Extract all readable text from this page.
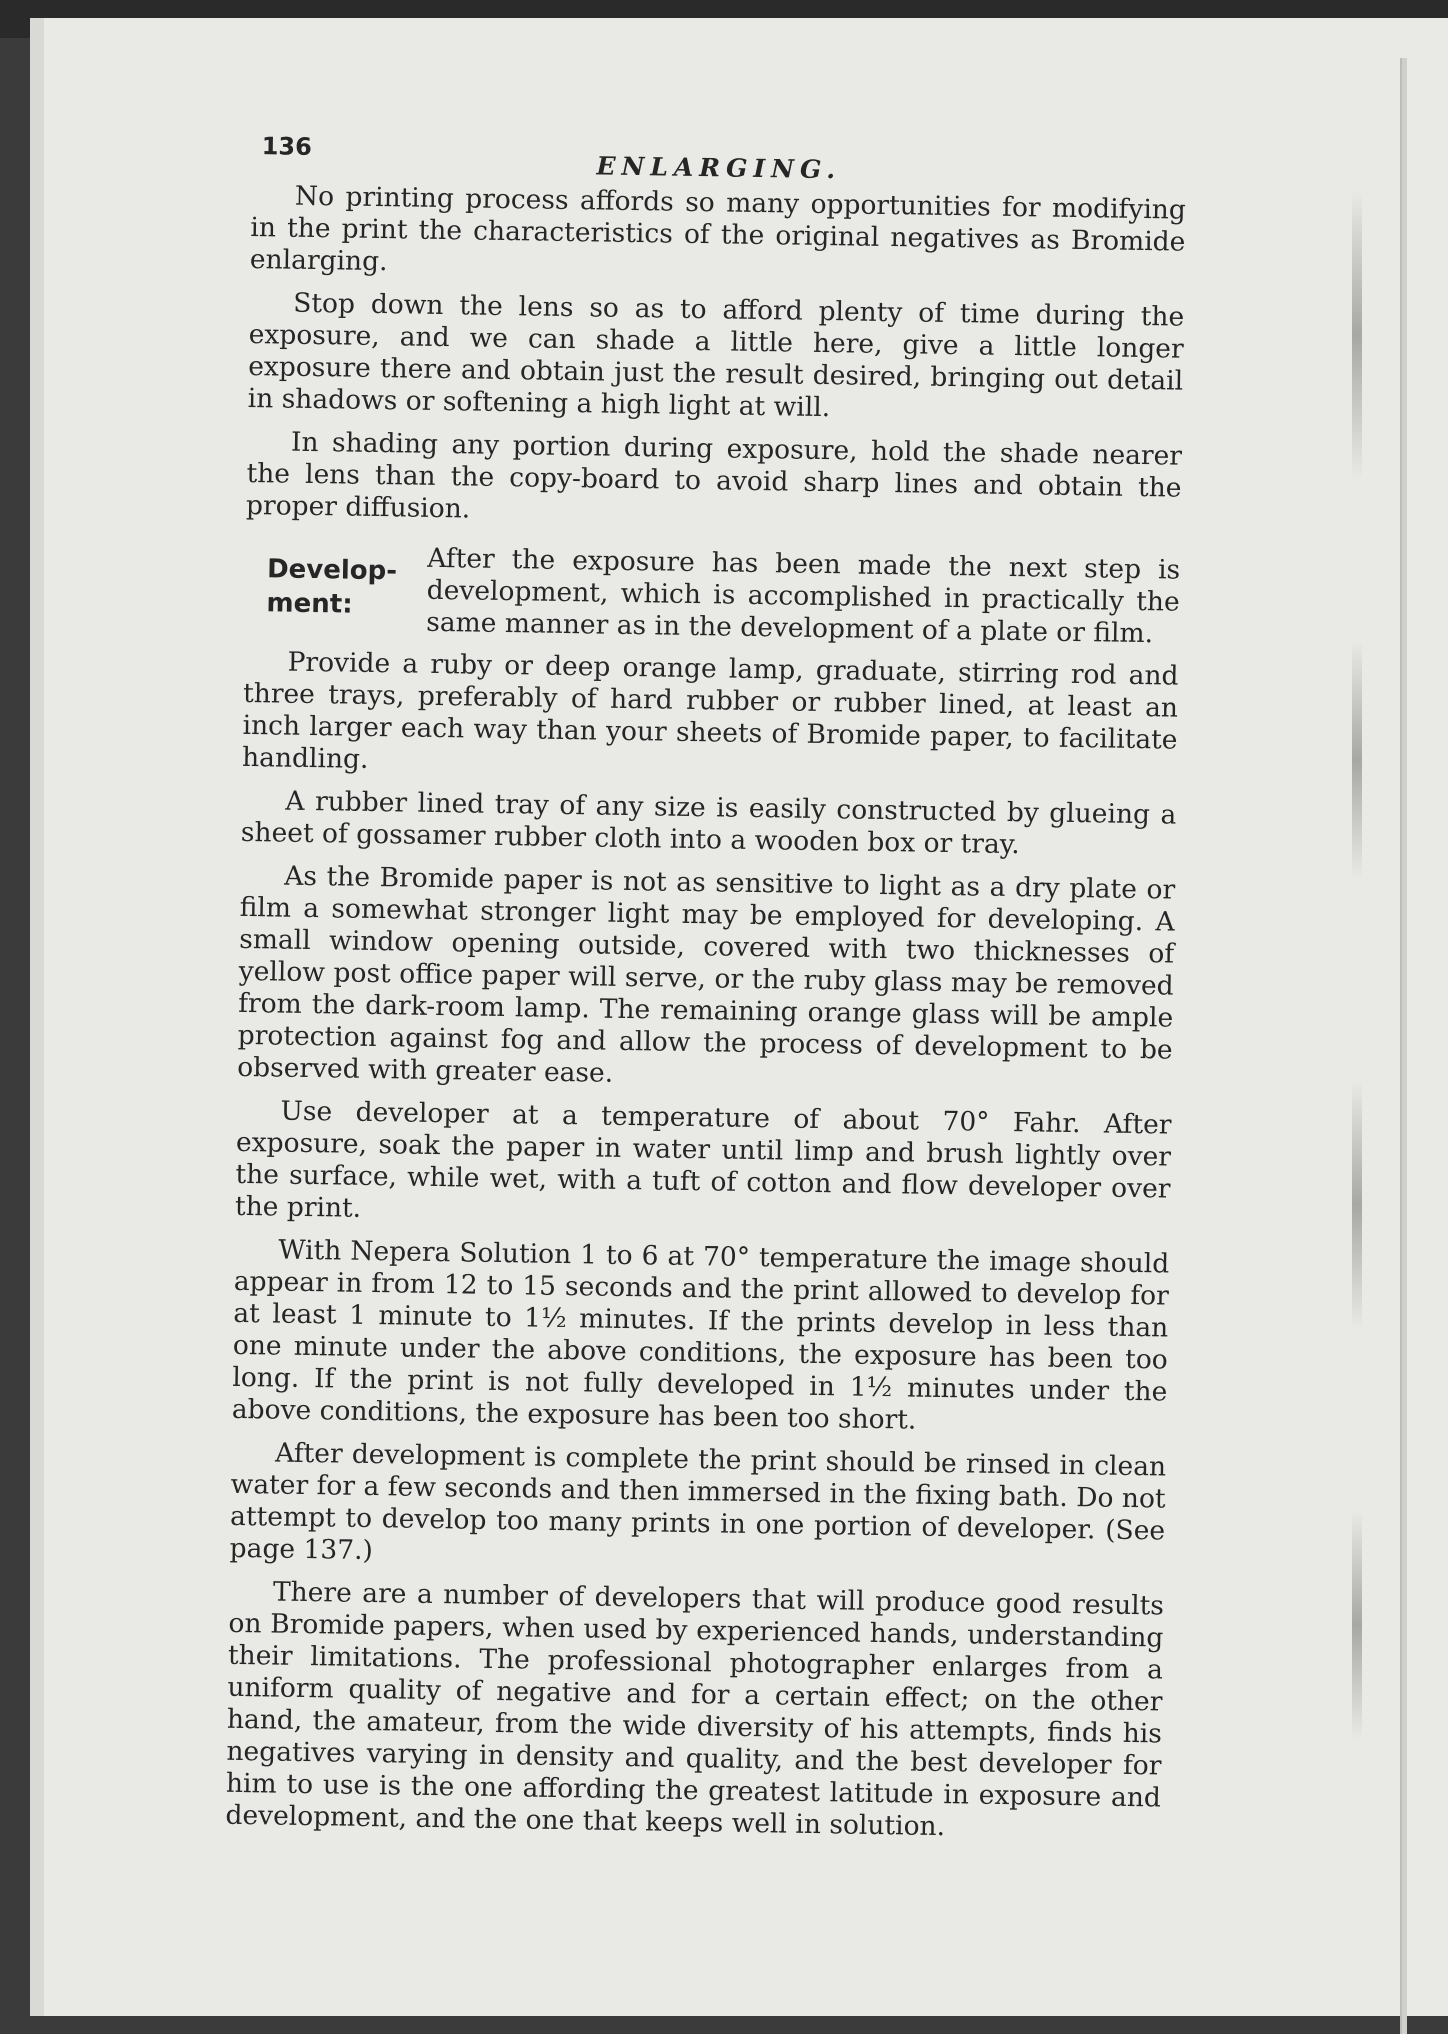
136
ENLARGING.

No printing process affords so many opportunities for modifying in the print the characteristics of the original negatives as Bromide enlarging.

Stop down the lens so as to afford plenty of time during the exposure, and we can shade a little here, give a little longer exposure there and obtain just the result desired, bringing out detail in shadows or softening a high light at will.

In shading any portion during exposure, hold the shade nearer the lens than the copy-board to avoid sharp lines and obtain the proper diffusion.

Develop-
ment:

After the exposure has been made the next step is development, which is accomplished in practically the same manner as in the development of a plate or film.

Provide a ruby or deep orange lamp, graduate, stirring rod and three trays, preferably of hard rubber or rubber lined, at least an inch larger each way than your sheets of Bromide paper, to facilitate handling.

A rubber lined tray of any size is easily constructed by glueing a sheet of gossamer rubber cloth into a wooden box or tray.

As the Bromide paper is not as sensitive to light as a dry plate or film a somewhat stronger light may be employed for developing. A small window opening outside, covered with two thicknesses of yellow post office paper will serve, or the ruby glass may be removed from the dark-room lamp. The remaining orange glass will be ample protection against fog and allow the process of development to be observed with greater ease.

Use developer at a temperature of about 70° Fahr. After exposure, soak the paper in water until limp and brush lightly over the surface, while wet, with a tuft of cotton and flow developer over the print.

With Nepera Solution 1 to 6 at 70° temperature the image should appear in from 12 to 15 seconds and the print allowed to develop for at least 1 minute to 1½ minutes. If the prints develop in less than one minute under the above conditions, the exposure has been too long. If the print is not fully developed in 1½ minutes under the above conditions, the exposure has been too short.

After development is complete the print should be rinsed in clean water for a few seconds and then immersed in the fixing bath. Do not attempt to develop too many prints in one portion of developer. (See page 137.)

There are a number of developers that will produce good results on Bromide papers, when used by experienced hands, understanding their limitations. The professional photographer enlarges from a uniform quality of negative and for a certain effect; on the other hand, the amateur, from the wide diversity of his attempts, finds his negatives varying in density and quality, and the best developer for him to use is the one affording the greatest latitude in exposure and development, and the one that keeps well in solution.
